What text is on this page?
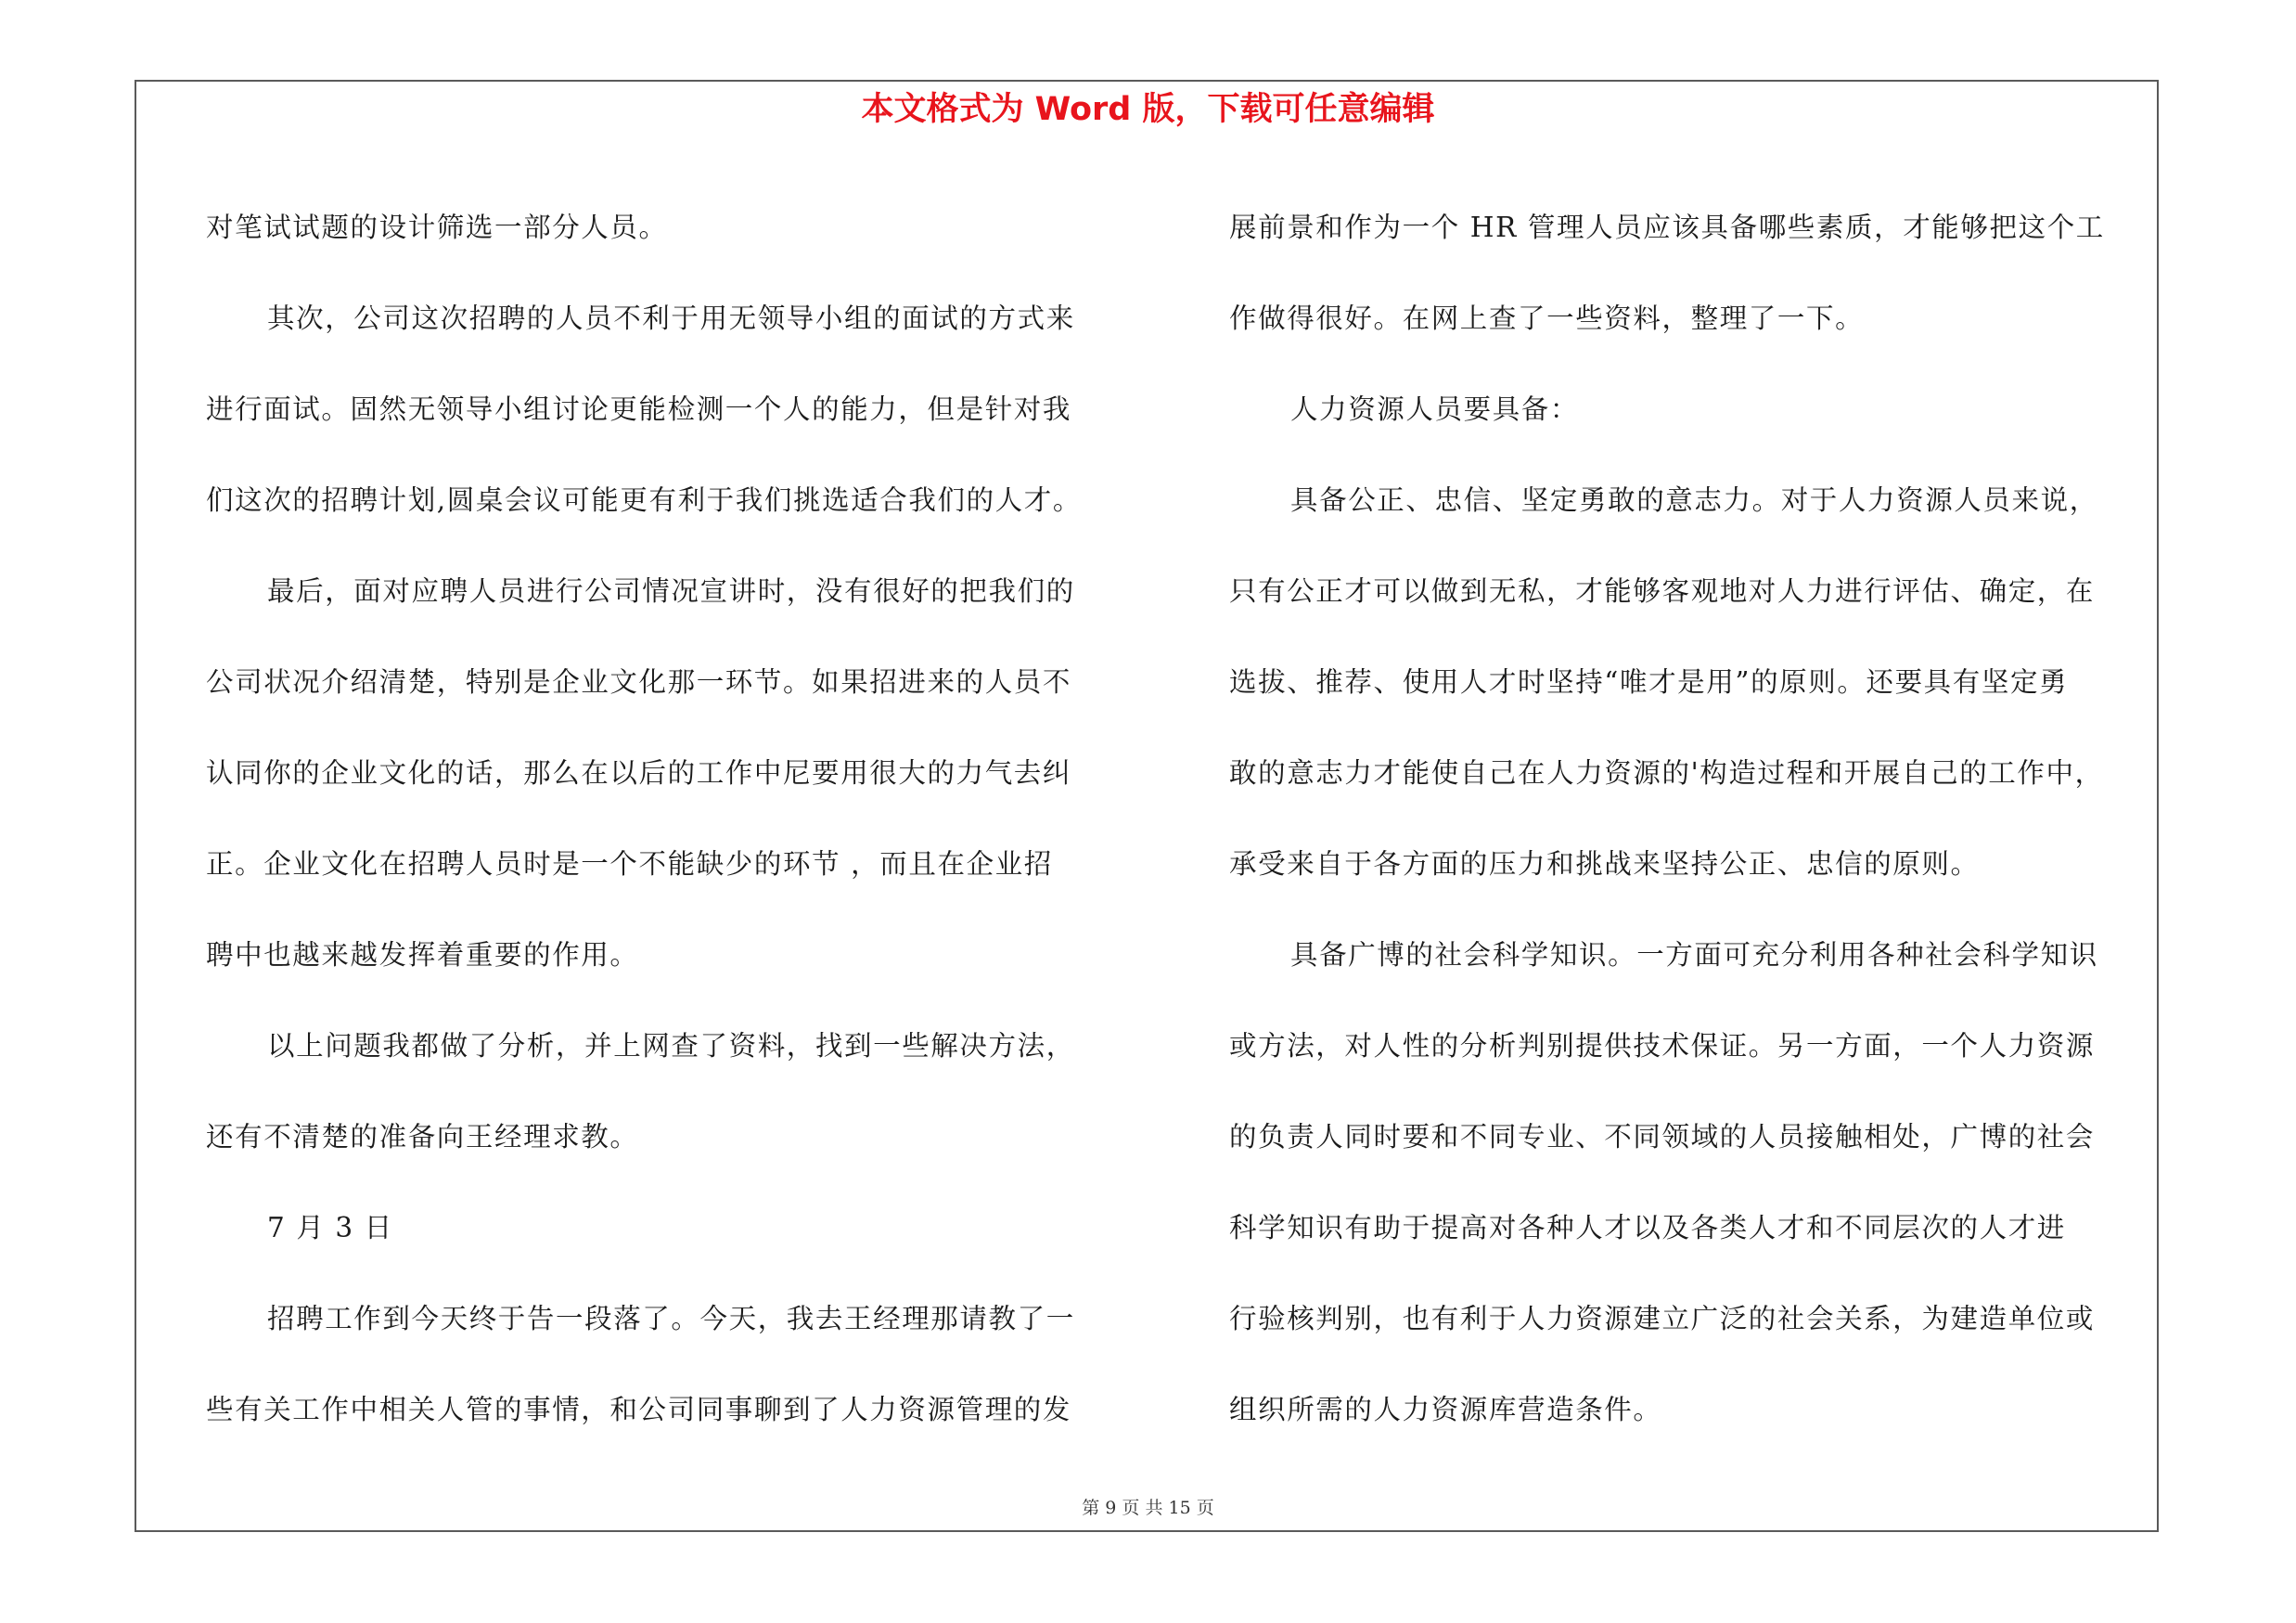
本文格式为 Word 版，下载可任意编辑

对笔试试题的设计筛选一部分人员。

其次，公司这次招聘的人员不利于用无领导小组的面试的方式来

进行面试。固然无领导小组讨论更能检测一个人的能力，但是针对我

们这次的招聘计划,圆桌会议可能更有利于我们挑选适合我们的人才。

最后，面对应聘人员进行公司情况宣讲时，没有很好的把我们的

公司状况介绍清楚，特别是企业文化那一环节。如果招进来的人员不

认同你的企业文化的话，那么在以后的工作中尼要用很大的力气去纠

正。企业文化在招聘人员时是一个不能缺少的环节 ，而且在企业招

聘中也越来越发挥着重要的作用。

以上问题我都做了分析，并上网查了资料，找到一些解决方法，

还有不清楚的准备向王经理求教。

7 月 3 日

招聘工作到今天终于告一段落了。今天，我去王经理那请教了一

些有关工作中相关人管的事情，和公司同事聊到了人力资源管理的发

展前景和作为一个 HR 管理人员应该具备哪些素质，才能够把这个工

作做得很好。在网上查了一些资料，整理了一下。

人力资源人员要具备：

具备公正、忠信、坚定勇敢的意志力。对于人力资源人员来说，

只有公正才可以做到无私，才能够客观地对人力进行评估、确定，在

选拔、推荐、使用人才时坚持“唯才是用”的原则。还要具有坚定勇

敢的意志力才能使自己在人力资源的'构造过程和开展自己的工作中，

承受来自于各方面的压力和挑战来坚持公正、忠信的原则。

具备广博的社会科学知识。一方面可充分利用各种社会科学知识

或方法，对人性的分析判别提供技术保证。另一方面，一个人力资源

的负责人同时要和不同专业、不同领域的人员接触相处，广博的社会

科学知识有助于提高对各种人才以及各类人才和不同层次的人才进

行验核判别，也有利于人力资源建立广泛的社会关系，为建造单位或

组织所需的人力资源库营造条件。

第 9 页 共 15 页
